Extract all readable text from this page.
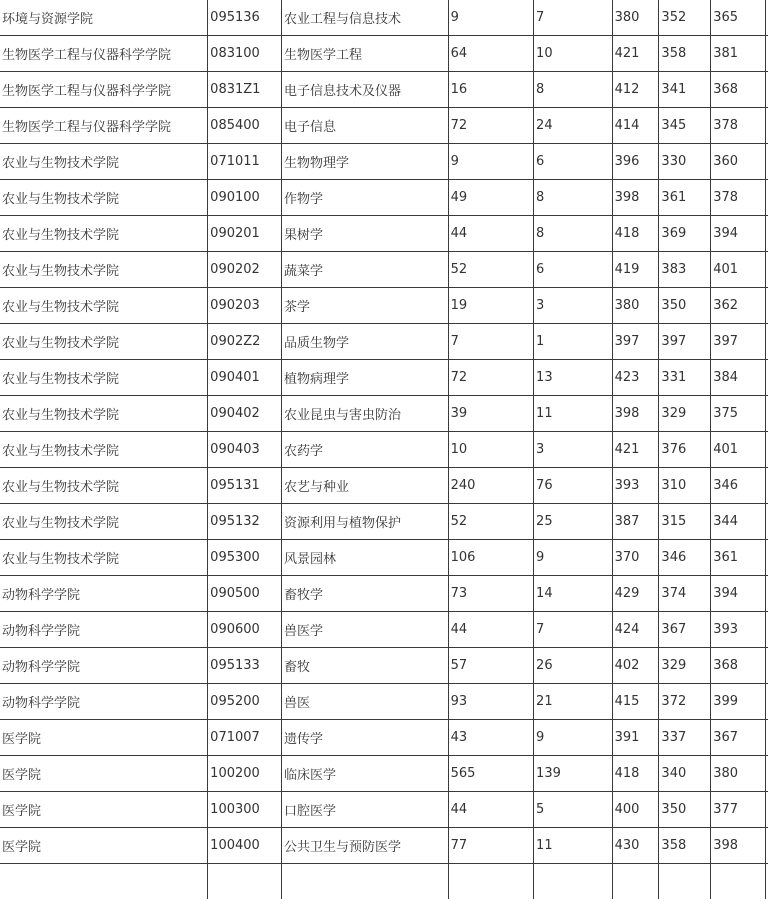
环境与资源学院	095136	农业工程与信息技术	9	7	380	352	365	
生物医学工程与仪器科学学院	083100	生物医学工程	64	10	421	358	381	
生物医学工程与仪器科学学院	0831Z1	电子信息技术及仪器	16	8	412	341	368	
生物医学工程与仪器科学学院	085400	电子信息	72	24	414	345	378	
农业与生物技术学院	071011	生物物理学	9	6	396	330	360	
农业与生物技术学院	090100	作物学	49	8	398	361	378	
农业与生物技术学院	090201	果树学	44	8	418	369	394	
农业与生物技术学院	090202	蔬菜学	52	6	419	383	401	
农业与生物技术学院	090203	茶学	19	3	380	350	362	
农业与生物技术学院	0902Z2	品质生物学	7	1	397	397	397	
农业与生物技术学院	090401	植物病理学	72	13	423	331	384	
农业与生物技术学院	090402	农业昆虫与害虫防治	39	11	398	329	375	
农业与生物技术学院	090403	农药学	10	3	421	376	401	
农业与生物技术学院	095131	农艺与种业	240	76	393	310	346	
农业与生物技术学院	095132	资源利用与植物保护	52	25	387	315	344	
农业与生物技术学院	095300	风景园林	106	9	370	346	361	
动物科学学院	090500	畜牧学	73	14	429	374	394	
动物科学学院	090600	兽医学	44	7	424	367	393	
动物科学学院	095133	畜牧	57	26	402	329	368	
动物科学学院	095200	兽医	93	21	415	372	399	
医学院	071007	遗传学	43	9	391	337	367	
医学院	100200	临床医学	565	139	418	340	380	
医学院	100300	口腔医学	44	5	400	350	377	
医学院	100400	公共卫生与预防医学	77	11	430	358	398	
